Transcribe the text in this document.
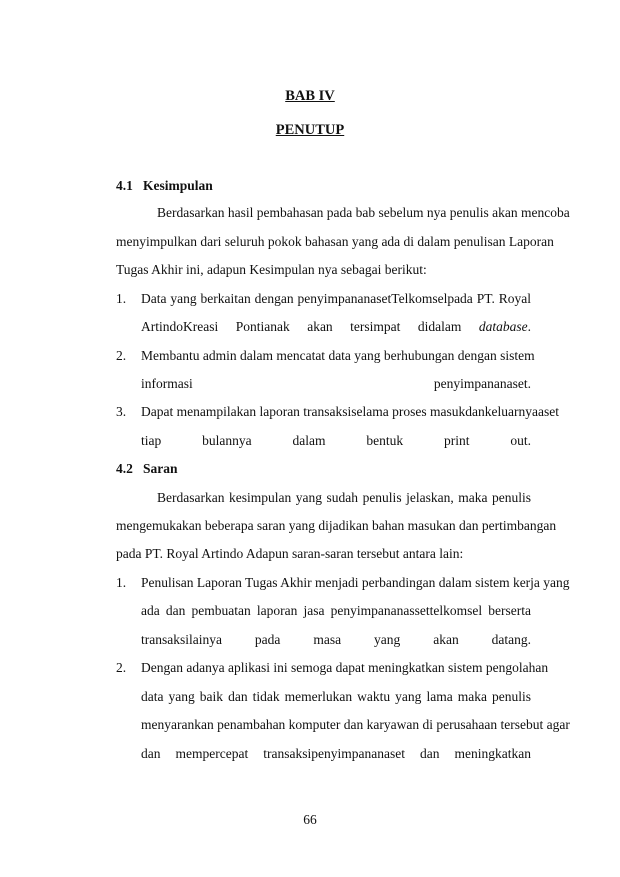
BAB IV
PENUTUP
4.1 Kesimpulan
Berdasarkan hasil pembahasan pada bab sebelum nya penulis akan mencoba
menyimpulkan dari seluruh pokok bahasan yang ada di dalam penulisan Laporan
Tugas Akhir ini, adapun Kesimpulan nya sebagai berikut:
1. Data yang berkaitan dengan penyimpananasetTelkomselpada PT. Royal
ArtindoKreasi Pontianak akan tersimpat didalam database.
2. Membantu admin dalam mencatat data yang berhubungan dengan sistem
informasi penyimpananaset.
3. Dapat menampilakan laporan transaksiselama proses masukdankeluarnyaaset
tiap bulannya dalam bentuk print out.
4.2 Saran
Berdasarkan kesimpulan yang sudah penulis jelaskan, maka penulis
mengemukakan beberapa saran yang dijadikan bahan masukan dan pertimbangan
pada PT. Royal Artindo Adapun saran-saran tersebut antara lain:
1. Penulisan Laporan Tugas Akhir menjadi perbandingan dalam sistem kerja yang
ada dan pembuatan laporan jasa penyimpananassettelkomsel berserta
transaksilainya pada masa yang akan datang.
2. Dengan adanya aplikasi ini semoga dapat meningkatkan sistem pengolahan
data yang baik dan tidak memerlukan waktu yang lama maka penulis
menyarankan penambahan komputer dan karyawan di perusahaan tersebut agar
dan mempercepat transaksipenyimpananaset dan meningkatkan
66
